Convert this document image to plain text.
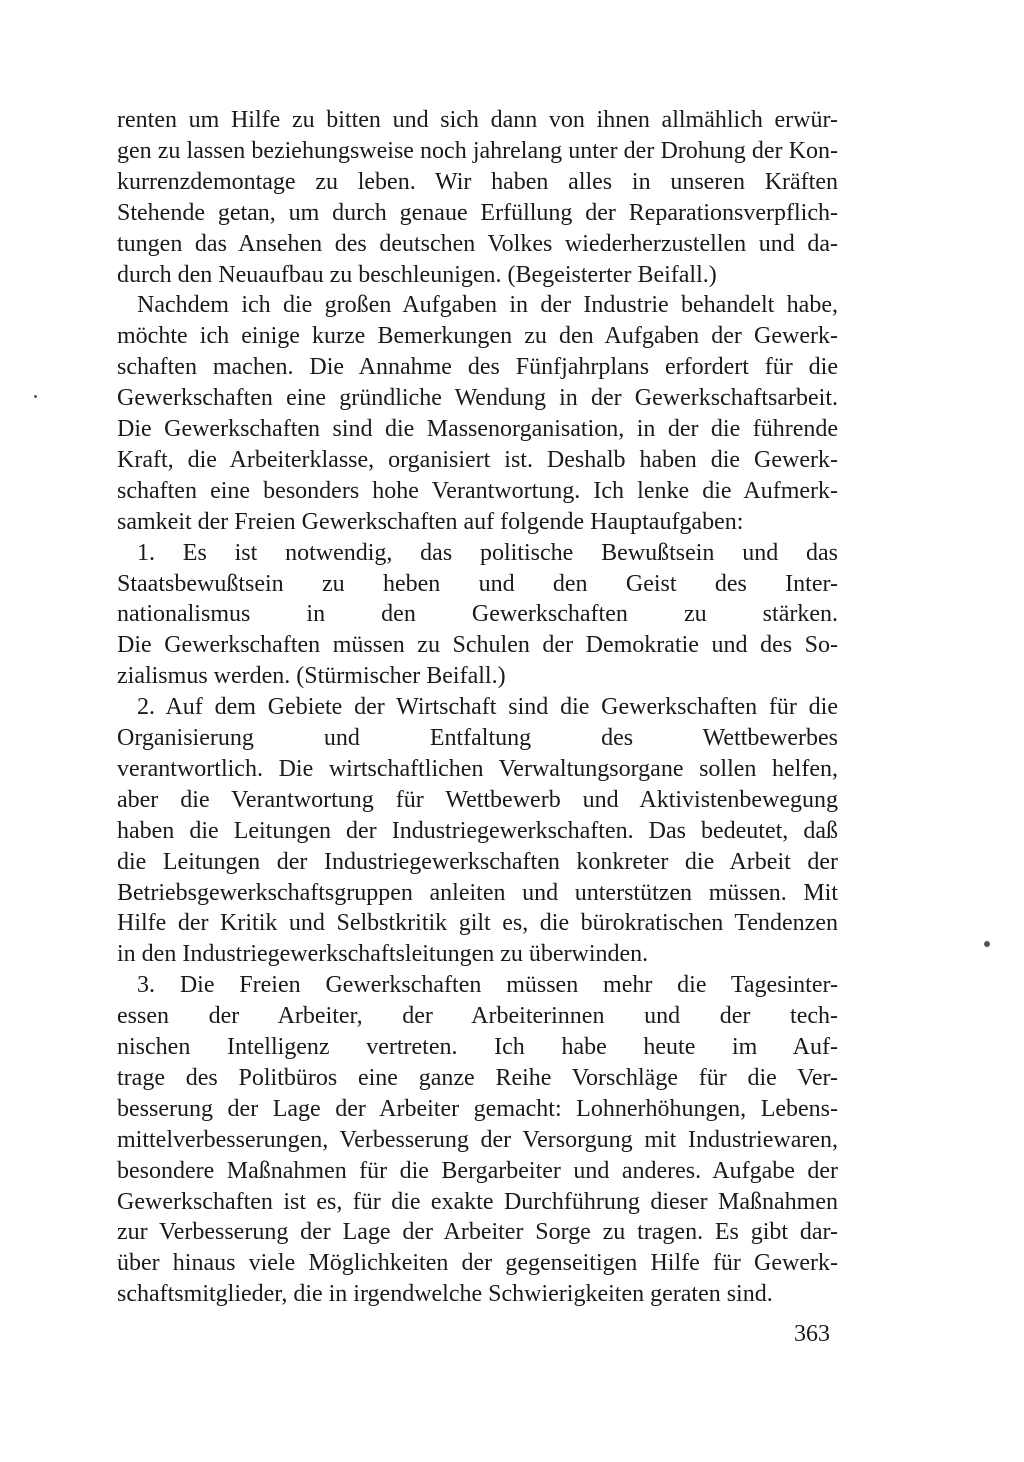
renten um Hilfe zu bitten und sich dann von ihnen allmählich erwür-
gen zu lassen beziehungsweise noch jahrelang unter der Drohung der Kon-
kurrenzdemontage zu leben. Wir haben alles in unseren Kräften
Stehende getan, um durch genaue Erfüllung der Reparationsverpflich-
tungen das Ansehen des deutschen Volkes wiederherzustellen und da-
durch den Neuaufbau zu beschleunigen. (Begeisterter Beifall.)
Nachdem ich die großen Aufgaben in der Industrie behandelt habe,
möchte ich einige kurze Bemerkungen zu den Aufgaben der Gewerk-
schaften machen. Die Annahme des Fünfjahrplans erfordert für die
Gewerkschaften eine gründliche Wendung in der Gewerkschaftsarbeit.
Die Gewerkschaften sind die Massenorganisation, in der die führende
Kraft, die Arbeiterklasse, organisiert ist. Deshalb haben die Gewerk-
schaften eine besonders hohe Verantwortung. Ich lenke die Aufmerk-
samkeit der Freien Gewerkschaften auf folgende Hauptaufgaben:
1. Es ist notwendig, das politische Bewußtsein und das
Staatsbewußtsein zu heben und den Geist des Inter-
nationalismus in den Gewerkschaften zu stärken.
Die Gewerkschaften müssen zu Schulen der Demokratie und des So-
zialismus werden. (Stürmischer Beifall.)
2. Auf dem Gebiete der Wirtschaft sind die Gewerkschaften für die
Organisierung und Entfaltung des Wettbewerbes
verantwortlich. Die wirtschaftlichen Verwaltungsorgane sollen helfen,
aber die Verantwortung für Wettbewerb und Aktivistenbewegung
haben die Leitungen der Industriegewerkschaften. Das bedeutet, daß
die Leitungen der Industriegewerkschaften konkreter die Arbeit der
Betriebsgewerkschaftsgruppen anleiten und unterstützen müssen. Mit
Hilfe der Kritik und Selbstkritik gilt es, die bürokratischen Tendenzen
in den Industriegewerkschaftsleitungen zu überwinden.
3. Die Freien Gewerkschaften müssen mehr die Tagesinter-
essen der Arbeiter, der Arbeiterinnen und der tech-
nischen Intelligenz vertreten. Ich habe heute im Auf-
trage des Politbüros eine ganze Reihe Vorschläge für die Ver-
besserung der Lage der Arbeiter gemacht: Lohnerhöhungen, Lebens-
mittelverbesserungen, Verbesserung der Versorgung mit Industriewaren,
besondere Maßnahmen für die Bergarbeiter und anderes. Aufgabe der
Gewerkschaften ist es, für die exakte Durchführung dieser Maßnahmen
zur Verbesserung der Lage der Arbeiter Sorge zu tragen. Es gibt dar-
über hinaus viele Möglichkeiten der gegenseitigen Hilfe für Gewerk-
schaftsmitglieder, die in irgendwelche Schwierigkeiten geraten sind.
363
